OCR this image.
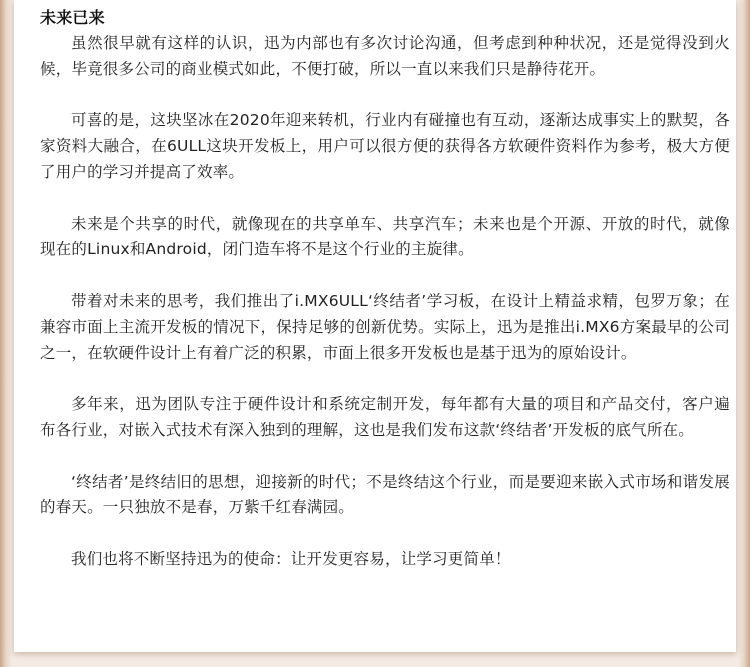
未来已来

虽然很早就有这样的认识，迅为内部也有多次讨论沟通，但考虑到种种状况，还是觉得没到火候，毕竟很多公司的商业模式如此，不便打破，所以一直以来我们只是静待花开。

可喜的是，这块坚冰在2020年迎来转机，行业内有碰撞也有互动，逐渐达成事实上的默契，各家资料大融合，在6ULL这块开发板上，用户可以很方便的获得各方软硬件资料作为参考，极大方便了用户的学习并提高了效率。

未来是个共享的时代，就像现在的共享单车、共享汽车；未来也是个开源、开放的时代，就像现在的Linux和Android，闭门造车将不是这个行业的主旋律。

带着对未来的思考，我们推出了i.MX6ULL‘终结者’学习板，在设计上精益求精，包罗万象；在兼容市面上主流开发板的情况下，保持足够的创新优势。实际上，迅为是推出i.MX6方案最早的公司之一，在软硬件设计上有着广泛的积累，市面上很多开发板也是基于迅为的原始设计。

多年来，迅为团队专注于硬件设计和系统定制开发，每年都有大量的项目和产品交付，客户遍布各行业，对嵌入式技术有深入独到的理解，这也是我们发布这款‘终结者’开发板的底气所在。

‘终结者’是终结旧的思想，迎接新的时代；不是终结这个行业，而是要迎来嵌入式市场和谐发展的春天。一只独放不是春，万紫千红春满园。

我们也将不断坚持迅为的使命：让开发更容易，让学习更简单！
